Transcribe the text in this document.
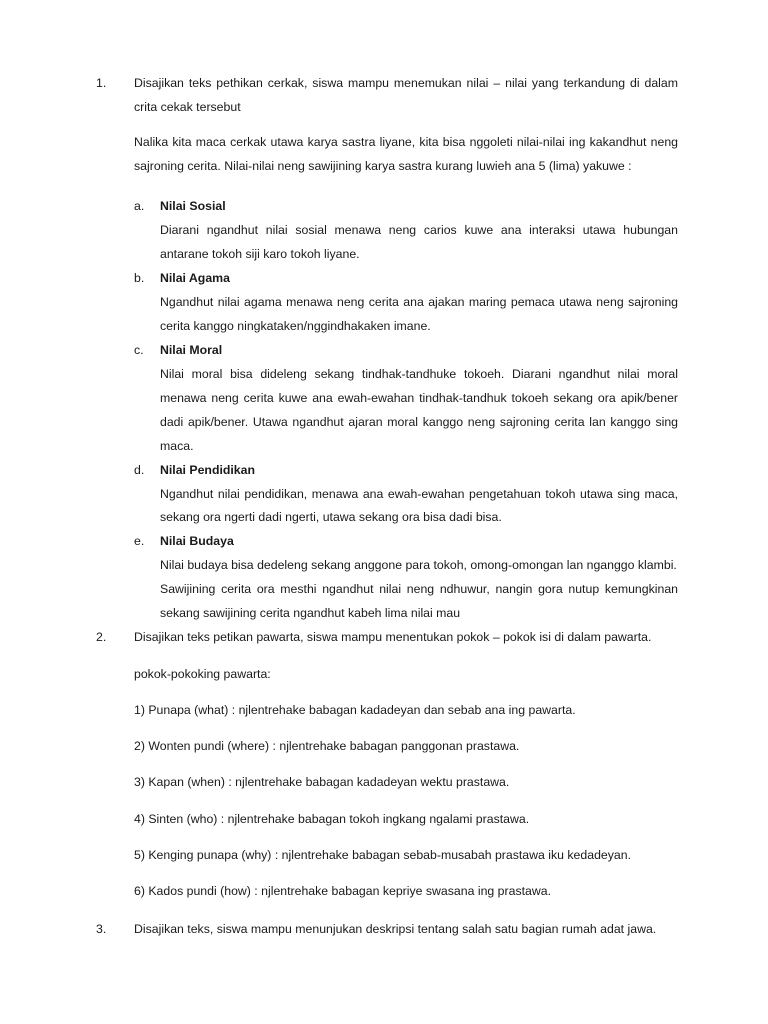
1.	Disajikan teks pethikan cerkak, siswa mampu menemukan nilai – nilai yang terkandung di dalam crita cekak tersebut

Nalika kita maca cerkak utawa karya sastra liyane, kita bisa nggoleti nilai-nilai ing kakandhut neng sajroning cerita. Nilai-nilai neng sawijining karya sastra kurang luwieh ana 5 (lima) yakuwe :

a.	Nilai Sosial
Diarani ngandhut nilai sosial menawa neng carios kuwe ana interaksi utawa hubungan antarane tokoh siji karo tokoh liyane.
b.	Nilai Agama
Ngandhut nilai agama menawa neng cerita ana ajakan maring pemaca utawa neng sajroning cerita kanggo ningkataken/nggindhakaken imane.
c.	Nilai Moral
Nilai moral bisa dideleng sekang tindhak-tandhuke tokoeh. Diarani ngandhut nilai moral menawa neng cerita kuwe ana ewah-ewahan tindhak-tandhuk tokoeh sekang ora apik/bener dadi apik/bener. Utawa ngandhut ajaran moral kanggo neng sajroning cerita lan kanggo sing maca.
d.	Nilai Pendidikan
Ngandhut nilai pendidikan, menawa ana ewah-ewahan pengetahuan tokoh utawa sing maca, sekang ora ngerti dadi ngerti, utawa sekang ora bisa dadi bisa.
e.	Nilai Budaya
Nilai budaya bisa dedeleng sekang anggone para tokoh, omong-omongan lan nganggo klambi.
Sawijining cerita ora mesthi ngandhut nilai neng ndhuwur, nangin gora nutup kemungkinan sekang sawijining cerita ngandhut kabeh lima nilai mau
2.	Disajikan teks petikan pawarta, siswa mampu menentukan pokok – pokok isi di dalam pawarta.

pokok-pokoking pawarta:

1) Punapa (what) : njlentrehake babagan kadadeyan dan sebab ana ing pawarta.

2) Wonten pundi (where) : njlentrehake babagan panggonan prastawa.

3) Kapan (when) : njlentrehake babagan kadadeyan wektu prastawa.

4) Sinten (who) : njlentrehake babagan tokoh ingkang ngalami prastawa.

5) Kenging punapa (why) : njlentrehake babagan sebab-musabah prastawa iku kedadeyan.

6) Kados pundi (how) : njlentrehake babagan kepriye swasana ing prastawa.

3.	Disajikan teks, siswa mampu menunjukan deskripsi tentang salah satu bagian rumah adat jawa.
